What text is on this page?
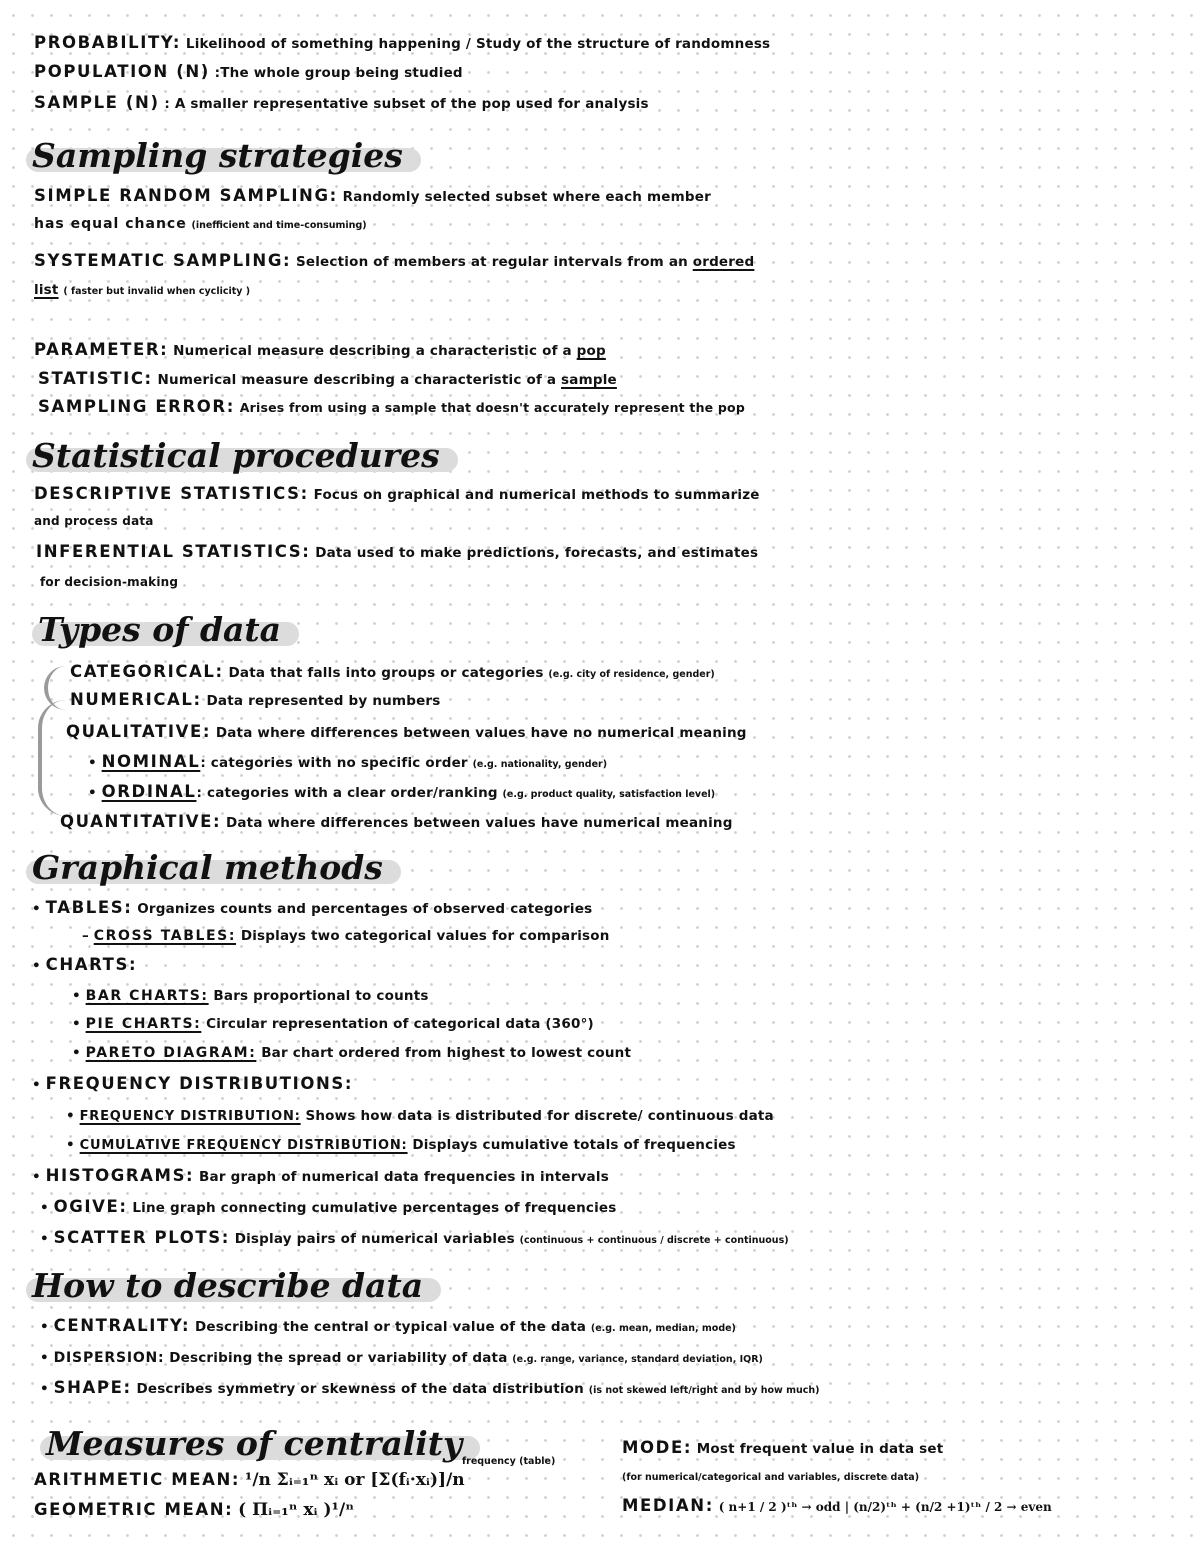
PROBABILITY: Likelihood of something happening / Study of the structure of randomness
POPULATION (N) :The whole group being studied
SAMPLE (N) : A smaller representative subset of the pop used for analysis
Sampling strategies
SIMPLE RANDOM SAMPLING: Randomly selected subset where each member
has equal chance (inefficient and time-consuming)
SYSTEMATIC SAMPLING: Selection of members at regular intervals from an ordered
list ( faster but invalid when cyclicity )
PARAMETER: Numerical measure describing a characteristic of a pop
STATISTIC: Numerical measure describing a characteristic of a sample
SAMPLING ERROR: Arises from using a sample that doesn't accurately represent the pop
Statistical procedures
DESCRIPTIVE STATISTICS: Focus on graphical and numerical methods to summarize
and process data
INFERENTIAL STATISTICS: Data used to make predictions, forecasts, and estimates
for decision-making
Types of data
CATEGORICAL: Data that falls into groups or categories (e.g. city of residence, gender)
NUMERICAL: Data represented by numbers
QUALITATIVE: Data where differences between values have no numerical meaning
• NOMINAL: categories with no specific order (e.g. nationality, gender)
• ORDINAL: categories with a clear order/ranking (e.g. product quality, satisfaction level)
QUANTITATIVE: Data where differences between values have numerical meaning
Graphical methods
• TABLES: Organizes counts and percentages of observed categories
– CROSS TABLES: Displays two categorical values for comparison
• CHARTS:
• BAR CHARTS: Bars proportional to counts
• PIE CHARTS: Circular representation of categorical data (360°)
• PARETO DIAGRAM: Bar chart ordered from highest to lowest count
• FREQUENCY DISTRIBUTIONS:
• FREQUENCY DISTRIBUTION: Shows how data is distributed for discrete/ continuous data
• CUMULATIVE FREQUENCY DISTRIBUTION: Displays cumulative totals of frequencies
• HISTOGRAMS: Bar graph of numerical data frequencies in intervals
• OGIVE: Line graph connecting cumulative percentages of frequencies
• SCATTER PLOTS: Display pairs of numerical variables (continuous + continuous / discrete + continuous)
How to describe data
• CENTRALITY: Describing the central or typical value of the data (e.g. mean, median, mode)
• DISPERSION: Describing the spread or variability of data (e.g. range, variance, standard deviation, IQR)
• SHAPE: Describes symmetry or skewness of the data distribution (is not skewed left/right and by how much)
Measures of centrality frequency (table)
ARITHMETIC MEAN: ¹/n Σᵢ₌₁ⁿ xᵢ or [Σ(fᵢ·xᵢ)]/n
GEOMETRIC MEAN: ( Πᵢ₌₁ⁿ xᵢ )¹/ⁿ
MODE: Most frequent value in data set
(for numerical/categorical and variables, discrete data)
MEDIAN: ( n+1 / 2 )ᵗʰ → odd | (n/2)ᵗʰ + (n/2 +1)ᵗʰ / 2 → even
